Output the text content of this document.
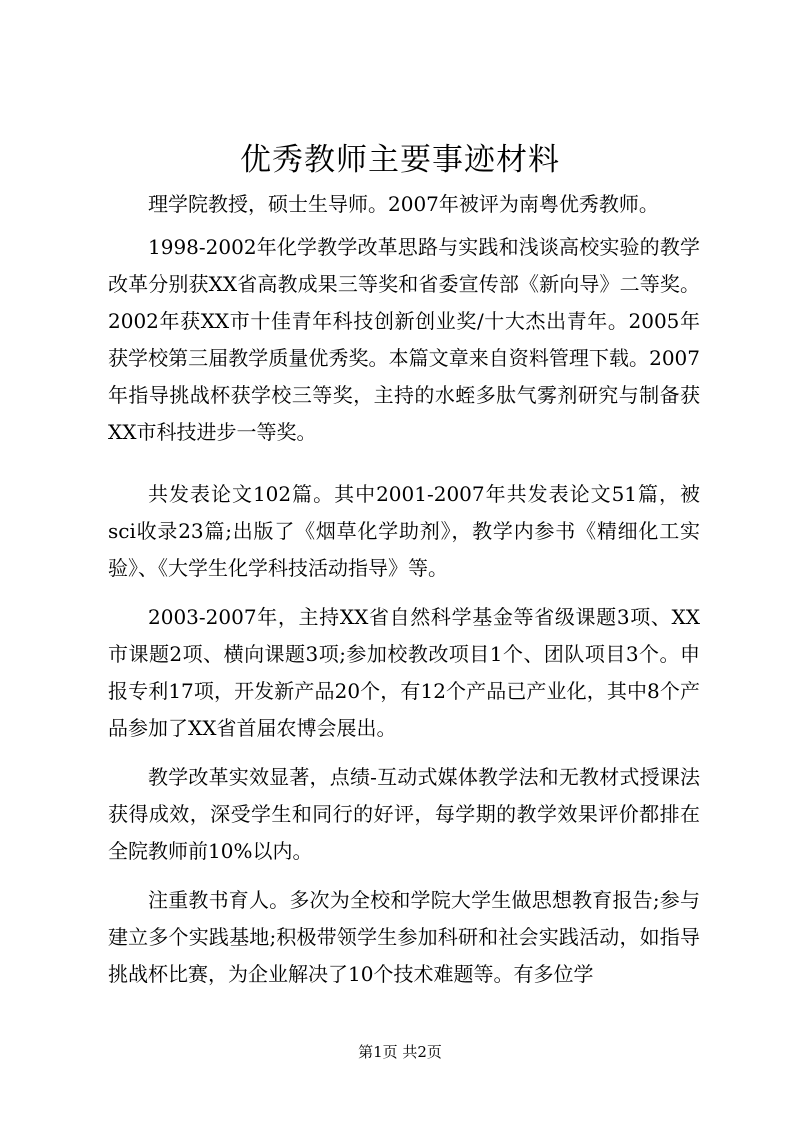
优秀教师主要事迹材料

理学院教授，硕士生导师。2007年被评为南粤优秀教师。

1998-2002年化学教学改革思路与实践和浅谈高校实验的教学改革分别获XX省高教成果三等奖和省委宣传部《新向导》二等奖。2002年获XX市十佳青年科技创新创业奖/十大杰出青年。2005年获学校第三届教学质量优秀奖。本篇文章来自资料管理下载。2007年指导挑战杯获学校三等奖，主持的水蛭多肽气雾剂研究与制备获XX市科技进步一等奖。

共发表论文102篇。其中2001-2007年共发表论文51篇，被sci收录23篇;出版了《烟草化学助剂》，教学内参书《精细化工实验》、《大学生化学科技活动指导》等。

2003-2007年，主持XX省自然科学基金等省级课题3项、XX市课题2项、横向课题3项;参加校教改项目1个、团队项目3个。申报专利17项，开发新产品20个，有12个产品已产业化，其中8个产品参加了XX省首届农博会展出。

教学改革实效显著，点绩-互动式媒体教学法和无教材式授课法获得成效，深受学生和同行的好评，每学期的教学效果评价都排在全院教师前10%以内。

注重教书育人。多次为全校和学院大学生做思想教育报告;参与建立多个实践基地;积极带领学生参加科研和社会实践活动，如指导挑战杯比赛，为企业解决了10个技术难题等。有多位学

第1页 共2页
